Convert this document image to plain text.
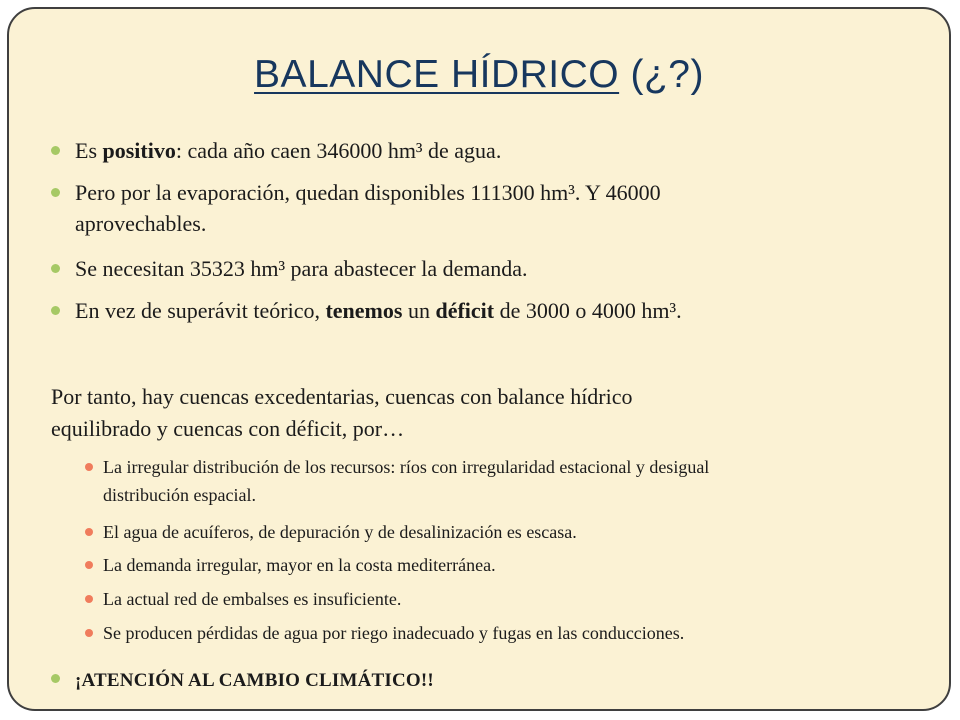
BALANCE HÍDRICO (¿?)
Es positivo: cada año caen 346000 hm³ de agua.
Pero por la evaporación, quedan disponibles 111300 hm³. Y 46000
aprovechables.
Se necesitan 35323 hm³ para abastecer la demanda.
En vez de superávit teórico, tenemos un déficit de 3000 o 4000 hm³.
Por tanto, hay cuencas excedentarias, cuencas con balance hídrico
equilibrado y cuencas con déficit, por…
La irregular distribución de los recursos: ríos con irregularidad estacional y desigual
distribución espacial.
El agua de acuíferos, de depuración y de desalinización es escasa.
La demanda irregular, mayor en la costa mediterránea.
La actual red de embalses es insuficiente.
Se producen pérdidas de agua por riego inadecuado y fugas en las conducciones.
¡ATENCIÓN AL CAMBIO CLIMÁTICO!!
